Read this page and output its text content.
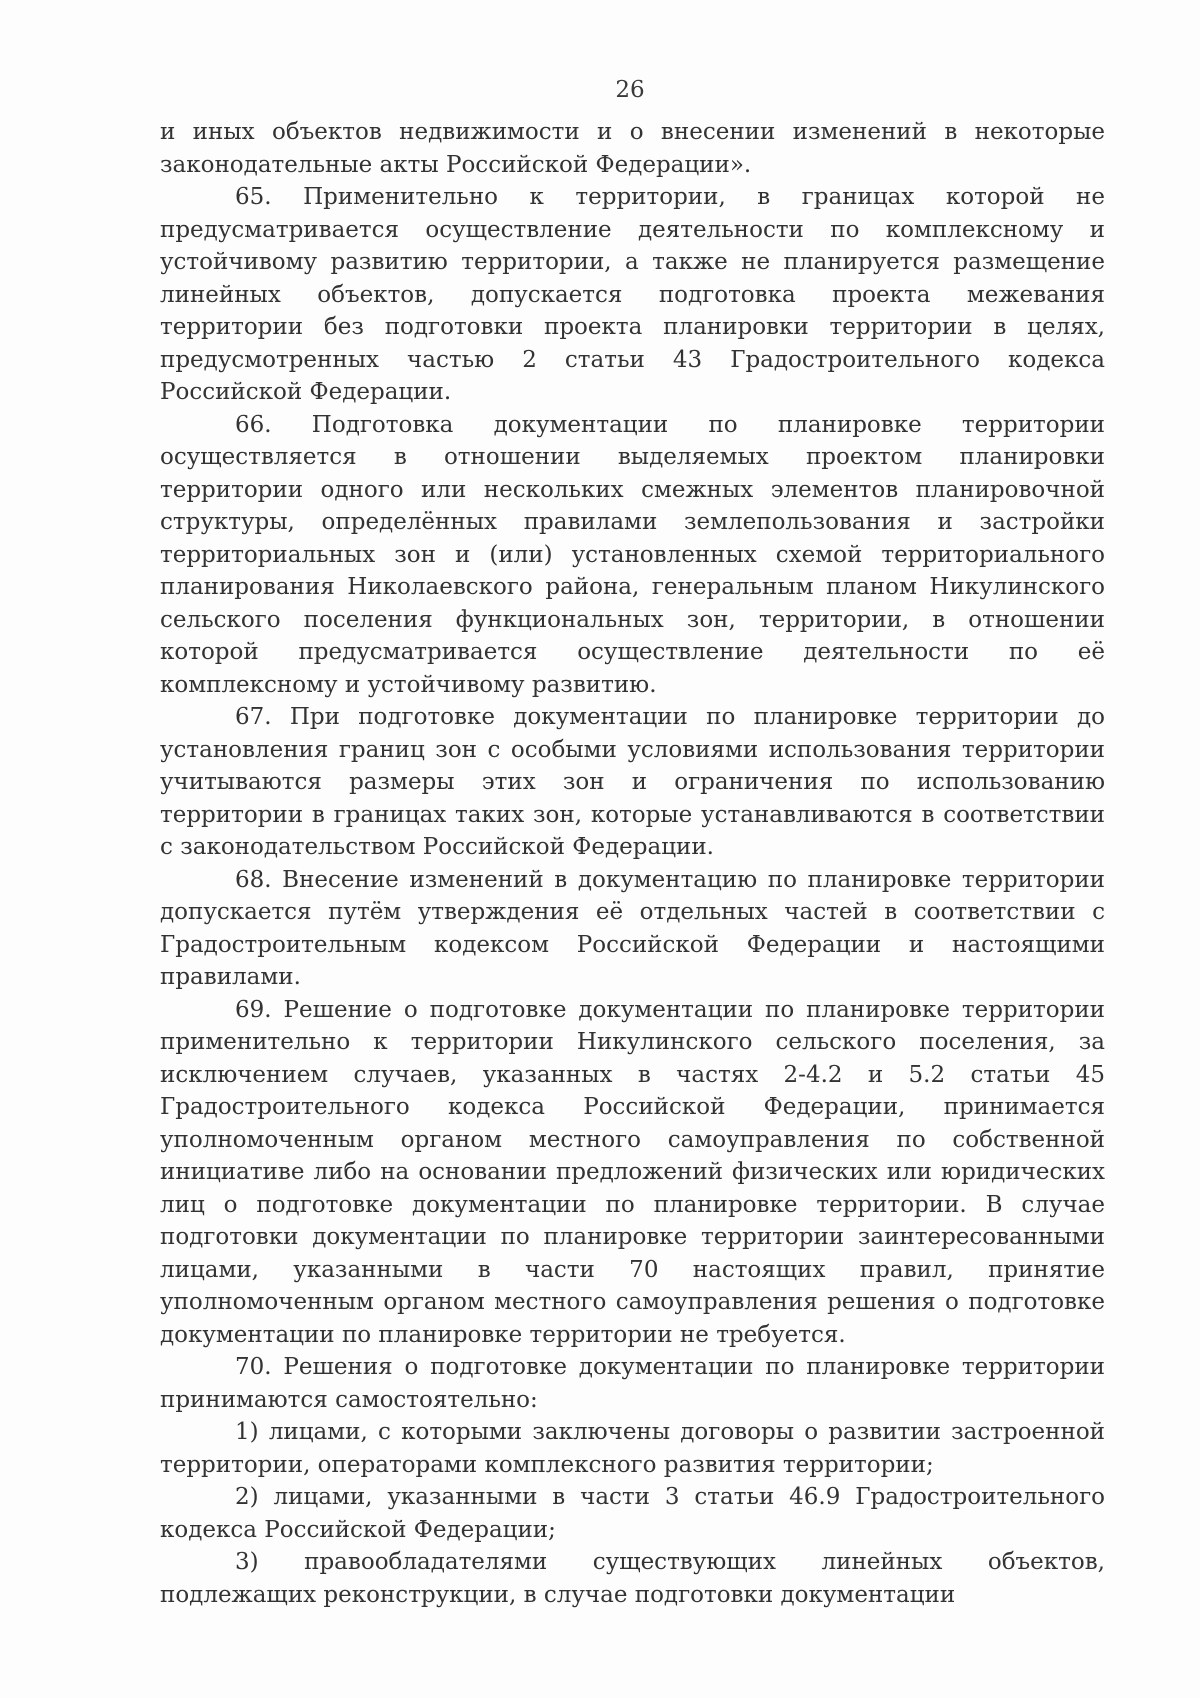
26

и иных объектов недвижимости и о внесении изменений в некоторые законодательные акты Российской Федерации».

65. Применительно к территории, в границах которой не предусматривается осуществление деятельности по комплексному и устойчивому развитию территории, а также не планируется размещение линейных объектов, допускается подготовка проекта межевания территории без подготовки проекта планировки территории в целях, предусмотренных частью 2 статьи 43 Градостроительного кодекса Российской Федерации.

66. Подготовка документации по планировке территории осуществляется в отношении выделяемых проектом планировки территории одного или нескольких смежных элементов планировочной структуры, определённых правилами землепользования и застройки территориальных зон и (или) установленных схемой территориального планирования Николаевского района, генеральным планом Никулинского сельского поселения функциональных зон, территории, в отношении которой предусматривается осуществление деятельности по её комплексному и устойчивому развитию.

67. При подготовке документации по планировке территории до установления границ зон с особыми условиями использования территории учитываются размеры этих зон и ограничения по использованию территории в границах таких зон, которые устанавливаются в соответствии с законодательством Российской Федерации.

68. Внесение изменений в документацию по планировке территории допускается путём утверждения её отдельных частей в соответствии с Градостроительным кодексом Российской Федерации и настоящими правилами.

69. Решение о подготовке документации по планировке территории применительно к территории Никулинского сельского поселения, за исключением случаев, указанных в частях 2-4.2 и 5.2 статьи 45 Градостроительного кодекса Российской Федерации, принимается уполномоченным органом местного самоуправления по собственной инициативе либо на основании предложений физических или юридических лиц о подготовке документации по планировке территории. В случае подготовки документации по планировке территории заинтересованными лицами, указанными в части 70 настоящих правил, принятие уполномоченным органом местного самоуправления решения о подготовке документации по планировке территории не требуется.

70. Решения о подготовке документации по планировке территории принимаются самостоятельно:

1) лицами, с которыми заключены договоры о развитии застроенной территории, операторами комплексного развития территории;

2) лицами, указанными в части 3 статьи 46.9 Градостроительного кодекса Российской Федерации;

3) правообладателями существующих линейных объектов, подлежащих реконструкции, в случае подготовки документации
